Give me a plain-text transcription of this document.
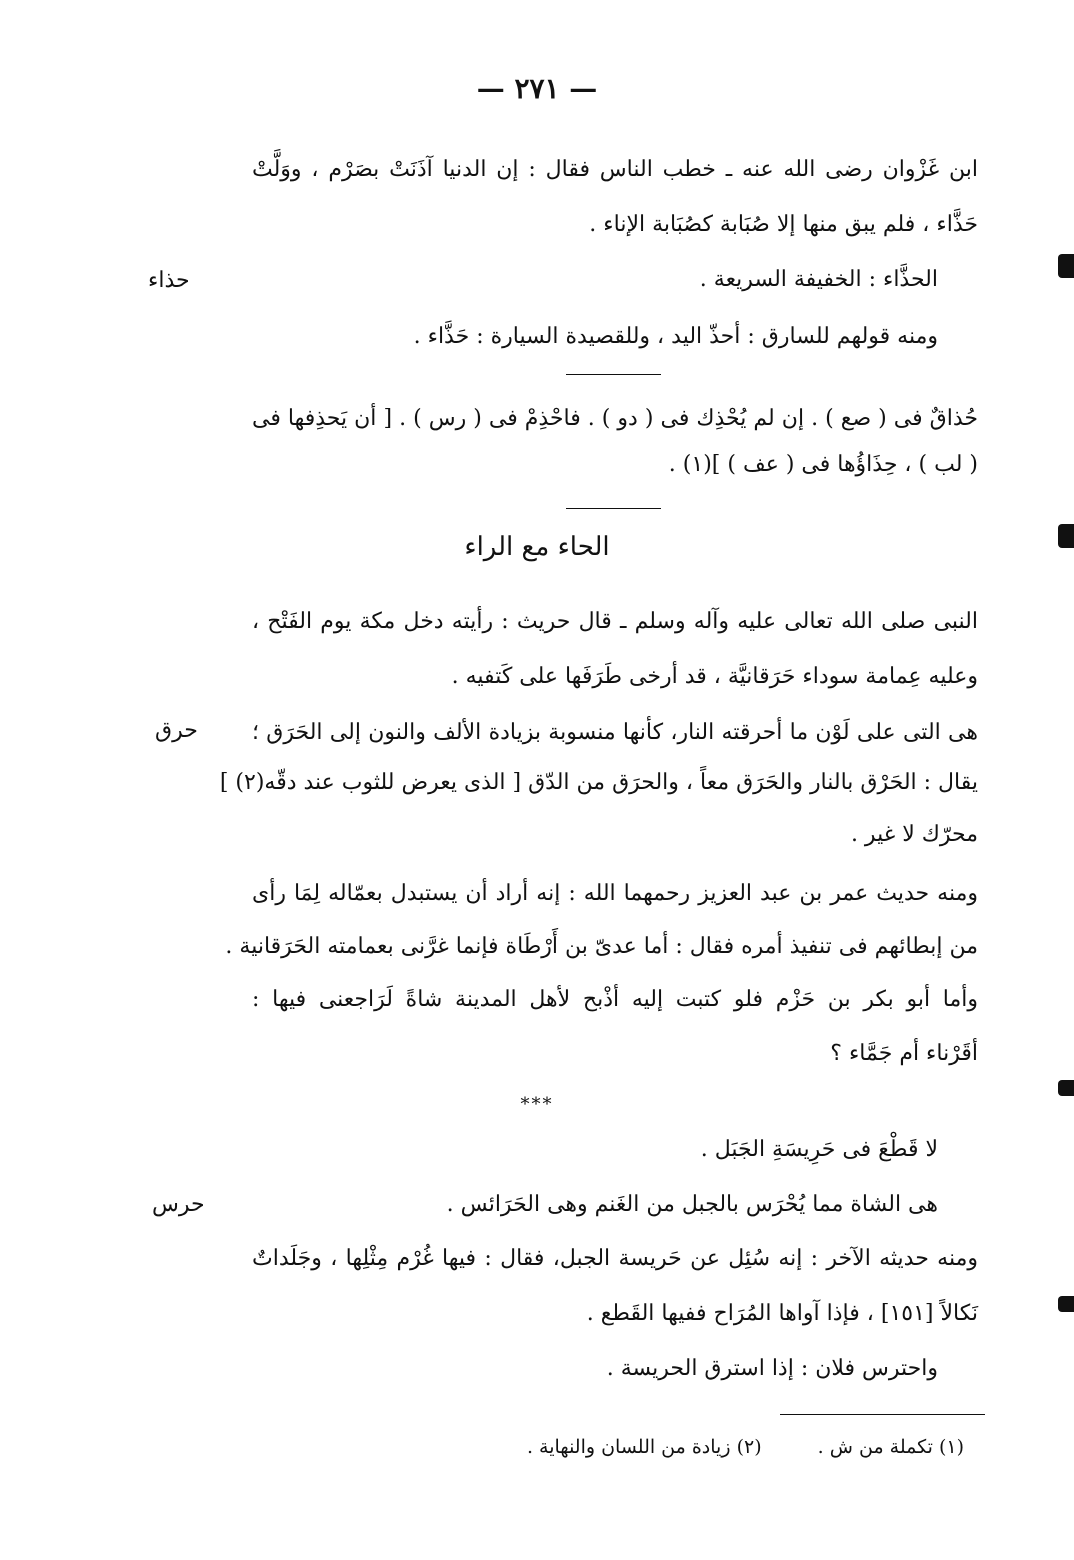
— ٢٧١ —
حذاء
ابن غَزْوان رضى الله عنه ـ خطب الناس فقال : إن الدنيا آذَنَتْ بصَرْم ، ووَلَّتْ
حَذَّاء ، فلم يبق منها إلا صُبَابة كصُبَابة الإناء .
الحذَّاء : الخفيفة السريعة .
ومنه قولهم للسارق : أحذّ اليد ، وللقصيدة السيارة : حَذَّاء .
حُذاقٌ فى ( صع ) . إن لم يُحْذِك فى ( دو ) . فاحْذِمْ فى ( رس ) . [ أن يَحذِفها فى
( لب ) ، حِذَاؤُها فى ( عف ) ](١) .
النبى صلى الله تعالى عليه وآله وسلم ـ قال حريث : رأيته دخل مكة يوم الفَتْح ،
وعليه عِمامة سوداء حَرَقانيَّة ، قد أرخى طَرَفَها على كَتفيه .
هى التى على لَوْن ما أحرقته النار، كأنها منسوبة بزيادة الألف والنون إلى الحَرَق ؛
يقال : الحَرْق بالنار والحَرَق معاً ، والحرَق من الدّق [ الذى يعرض للثوب عند دقّه(٢) ]
محرّك لا غير .
ومنه حديث عمر بن عبد العزيز رحمهما الله : إنه أراد أن يستبدل بعمّاله لِمَا رأى
من إبطائهم فى تنفيذ أمره فقال : أما عدىّ بن أَرْطَاة فإنما غرَّنى بعمامته الحَرَقانية .
وأما أبو بكر بن حَزْم فلو كتبت إليه أذْبح لأهل المدينة شاةً لَرَاجعنى فيها :
أقَرْناء أم جَمَّاء ؟
لا قَطْعَ فى حَرِيسَةِ الجَبَل .
هى الشاة مما يُحْرَس بالجبل من الغَنم وهى الحَرَائس .
ومنه حديثه الآخر : إنه سُئِل عن حَريسة الجبل، فقال : فيها غُرْم مِثْلِها ، وجَلَداتٌ
نَكالاً [١٥١] ، فإذا آواها المُرَاح ففيها القَطع .
واحترس فلان : إذا استرق الحريسة .
الحاء مع الراء
حرق
***
حرس
(١) تكملة من ش . (٢) زيادة من اللسان والنهاية .
